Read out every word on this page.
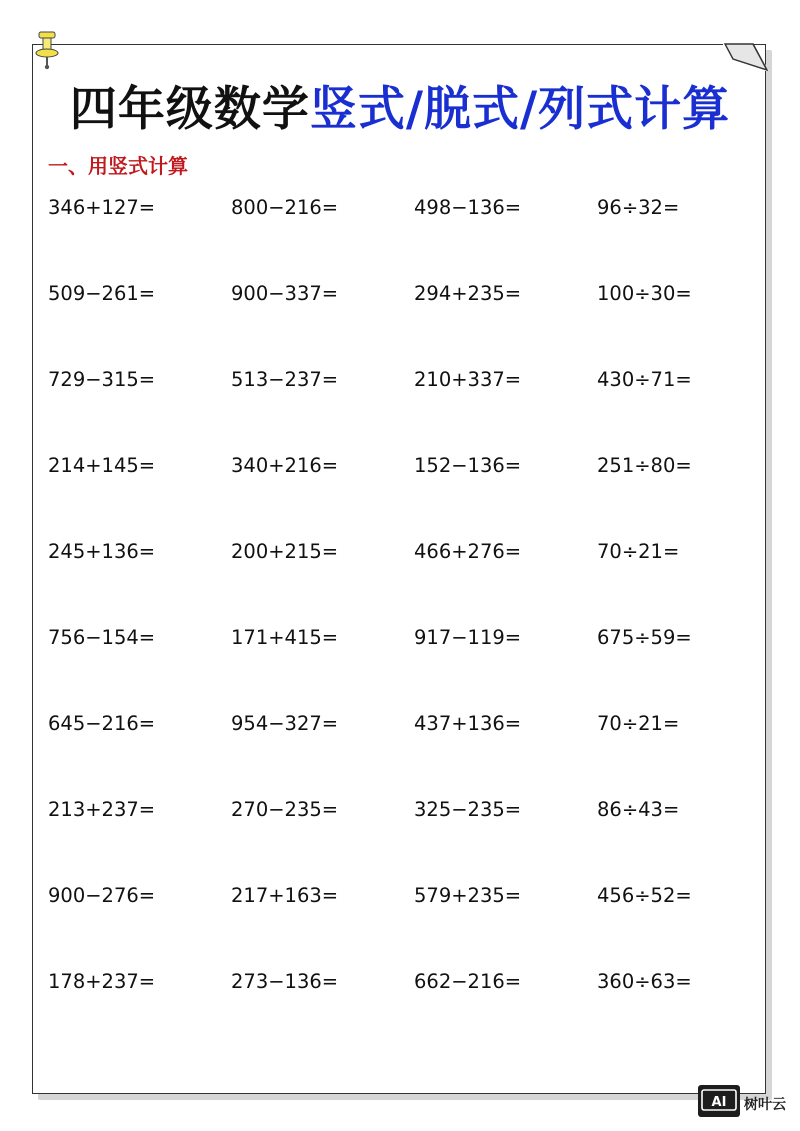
四年级数学竖式/脱式/列式计算
一、用竖式计算
346+127=	800−216=	498−136=	96÷32=
509−261=	900−337=	294+235=	100÷30=
729−315=	513−237=	210+337=	430÷71=
214+145=	340+216=	152−136=	251÷80=
245+136=	200+215=	466+276=	70÷21=
756−154=	171+415=	917−119=	675÷59=
645−216=	954−327=	437+136=	70÷21=
213+237=	270−235=	325−235=	86÷43=
900−276=	217+163=	579+235=	456÷52=
178+237=	273−136=	662−216=	360÷63=
AI 树叶云
